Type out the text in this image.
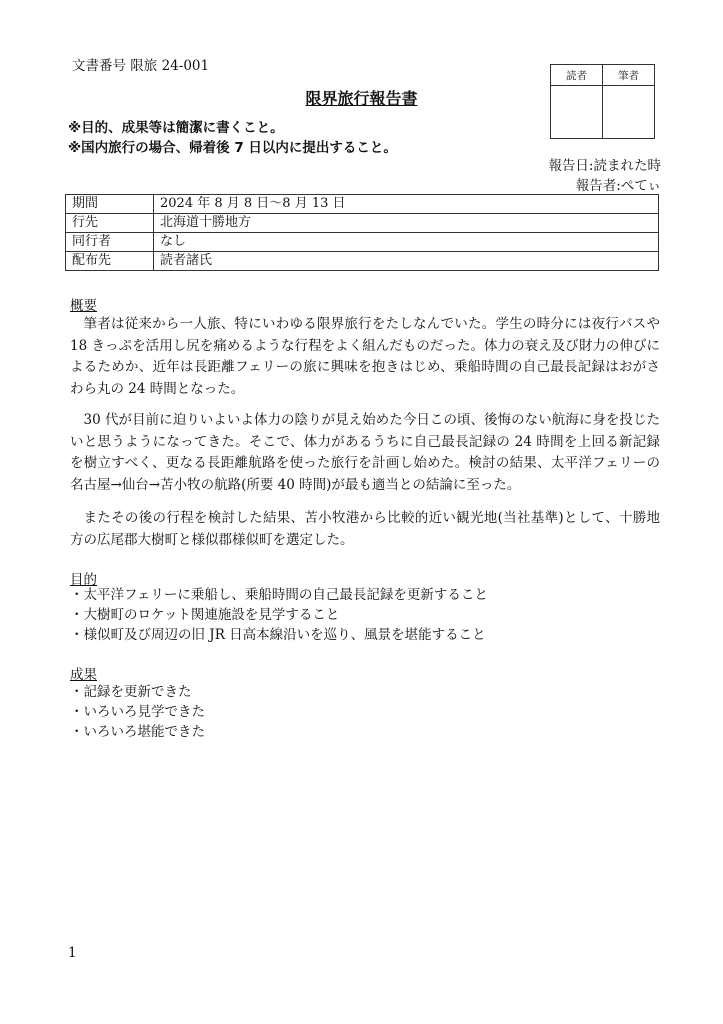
文書番号 限旅 24-001
読者	筆者

限界旅行報告書
※目的、成果等は簡潔に書くこと。
※国内旅行の場合、帰着後 7 日以内に提出すること。
報告日:読まれた時
報告者:ぺてぃ
期間	2024 年 8 月 8 日～8 月 13 日
行先	北海道十勝地方
同行者	なし
配布先	読者諸氏
概要
筆者は従来から一人旅、特にいわゆる限界旅行をたしなんでいた。学生の時分には夜行バスや 18 きっぷを活用し尻を痛めるような行程をよく組んだものだった。体力の衰え及び財力の伸びによるためか、近年は長距離フェリーの旅に興味を抱きはじめ、乗船時間の自己最長記録はおがさわら丸の 24 時間となった。
30 代が目前に迫りいよいよ体力の陰りが見え始めた今日この頃、後悔のない航海に身を投じたいと思うようになってきた。そこで、体力があるうちに自己最長記録の 24 時間を上回る新記録を樹立すべく、更なる長距離航路を使った旅行を計画し始めた。検討の結果、太平洋フェリーの名古屋→仙台→苫小牧の航路(所要 40 時間)が最も適当との結論に至った。
またその後の行程を検討した結果、苫小牧港から比較的近い観光地(当社基準)として、十勝地方の広尾郡大樹町と様似郡様似町を選定した。
目的
・太平洋フェリーに乗船し、乗船時間の自己最長記録を更新すること
・大樹町のロケット関連施設を見学すること
・様似町及び周辺の旧 JR 日高本線沿いを巡り、風景を堪能すること
成果
・記録を更新できた
・いろいろ見学できた
・いろいろ堪能できた
1
